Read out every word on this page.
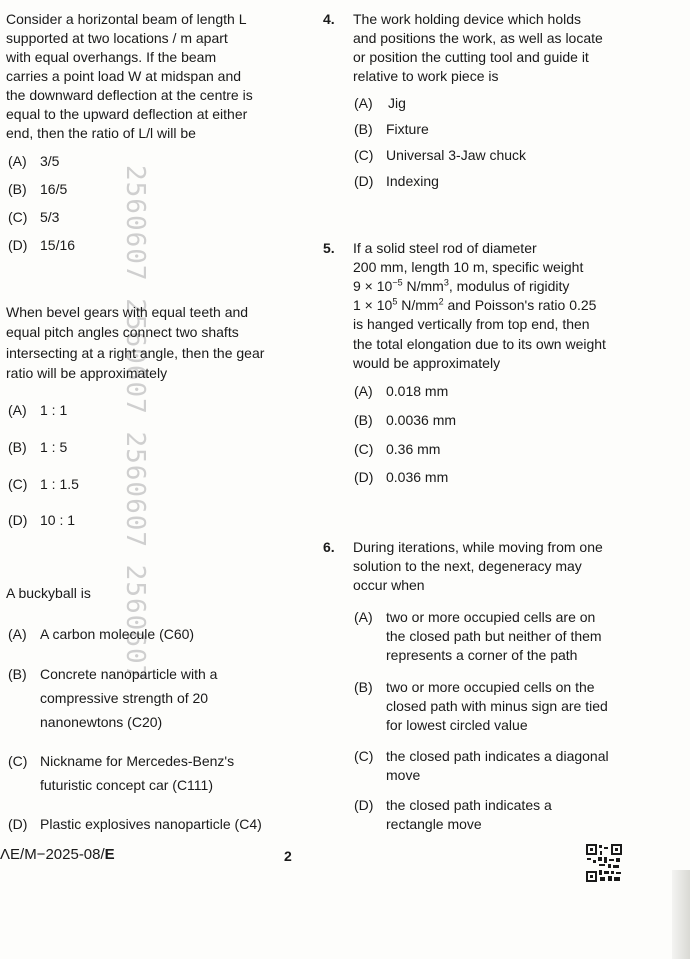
2560607 2560607 2560607 2560607
Consider a horizontal beam of length L
supported at two locations / m apart
with equal overhangs. If the beam
carries a point load W at midspan and
the downward deflection at the centre is
equal to the upward deflection at either
end, then the ratio of L/l will be
(A) 3/5
(B) 16/5
(C) 5/3
(D) 15/16
When bevel gears with equal teeth and
equal pitch angles connect two shafts
intersecting at a right angle, then the gear
ratio will be approximately
(A) 1 : 1
(B) 1 : 5
(C) 1 : 1.5
(D) 10 : 1
A buckyball is
(A) A carbon molecule (C60)
(B) Concrete nanoparticle with a
compressive strength of 20
nanonewtons (C20)
(C) Nickname for Mercedes-Benz's
futuristic concept car (C111)
(D) Plastic explosives nanoparticle (C4)
4. The work holding device which holds
and positions the work, as well as locate
or position the cutting tool and guide it
relative to work piece is
(A) Jig
(B) Fixture
(C) Universal 3-Jaw chuck
(D) Indexing
5. If a solid steel rod of diameter
200 mm, length 10 m, specific weight
$9 \times 10^{-5}$ $N/mm^3$, modulus of rigidity
$1 \times 10^5$ $N/mm^2$ and Poisson's ratio 0.25
is hanged vertically from top end, then
the total elongation due to its own weight
would be approximately
(A) 0.018 mm
(B) 0.0036 mm
(C) 0.36 mm
(D) 0.036 mm
6. During iterations, while moving from one
solution to the next, degeneracy may
occur when
(A) two or more occupied cells are on
the closed path but neither of them
represents a corner of the path
(B) two or more occupied cells on the
closed path with minus sign are tied
for lowest circled value
(C) the closed path indicates a diagonal
move
(D) the closed path indicates a
rectangle move
ΛE/M−2025-08/E	2
